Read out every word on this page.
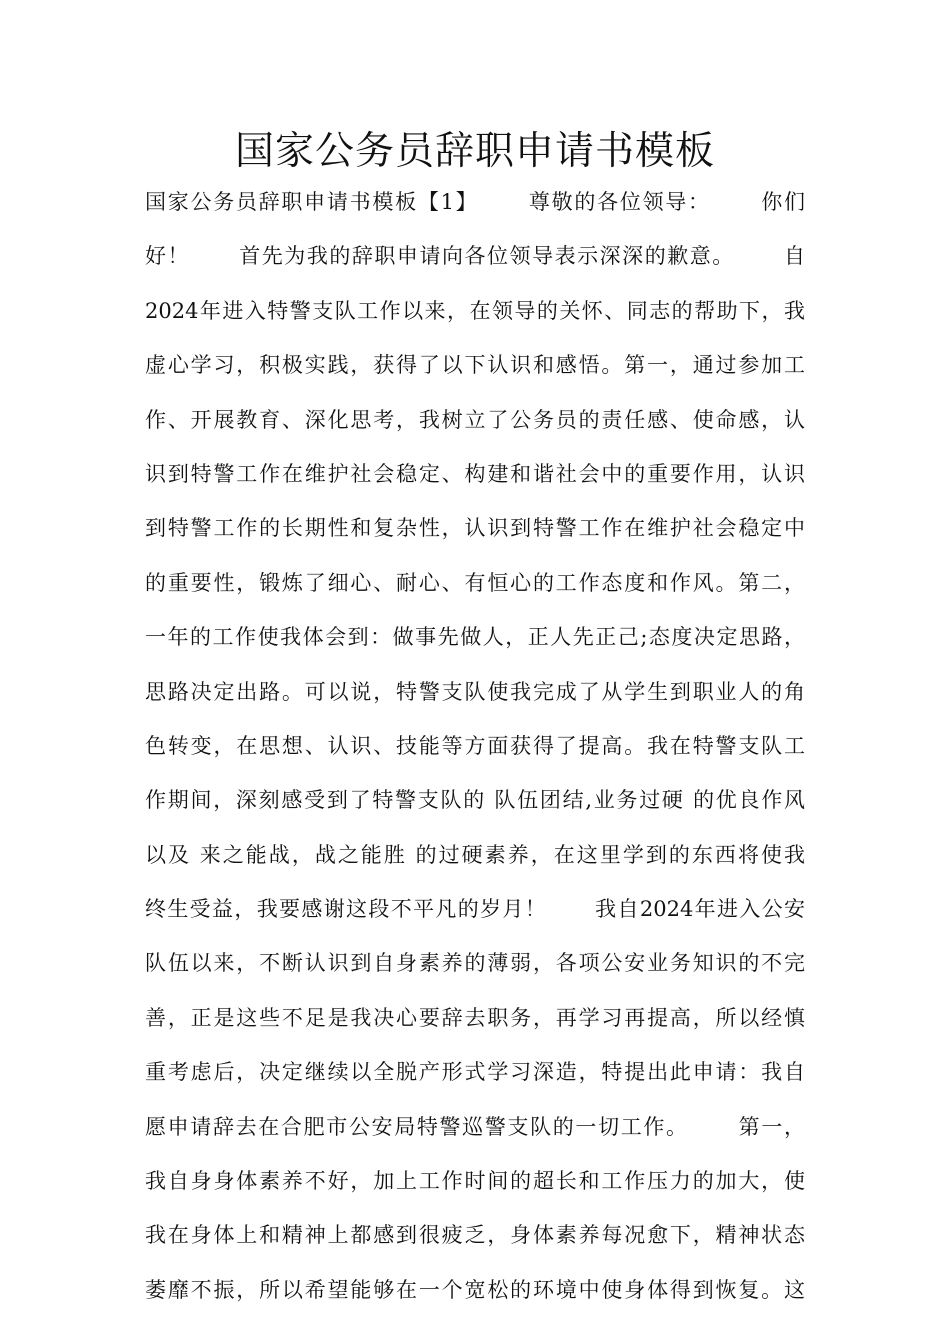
国家公务员辞职申请书模板
国家公务员辞职申请书模板【1】      尊敬的各位领导：      你们
好！      首先为我的辞职申请向各位领导表示深深的歉意。      自
2024年进入特警支队工作以来，在领导的关怀、同志的帮助下，我
虚心学习，积极实践，获得了以下认识和感悟。第一，通过参加工
作、开展教育、深化思考，我树立了公务员的责任感、使命感，认
识到特警工作在维护社会稳定、构建和谐社会中的重要作用，认识
到特警工作的长期性和复杂性，认识到特警工作在维护社会稳定中
的重要性，锻炼了细心、耐心、有恒心的工作态度和作风。第二，
一年的工作使我体会到：做事先做人，正人先正己;态度决定思路，
思路决定出路。可以说，特警支队使我完成了从学生到职业人的角
色转变，在思想、认识、技能等方面获得了提高。我在特警支队工
作期间，深刻感受到了特警支队的 队伍团结,业务过硬 的优良作风
以及 来之能战，战之能胜 的过硬素养，在这里学到的东西将使我
终生受益，我要感谢这段不平凡的岁月！      我自2024年进入公安
队伍以来，不断认识到自身素养的薄弱，各项公安业务知识的不完
善，正是这些不足是我决心要辞去职务，再学习再提高，所以经慎
重考虑后，决定继续以全脱产形式学习深造，特提出此申请：我自
愿申请辞去在合肥市公安局特警巡警支队的一切工作。      第一，
我自身身体素养不好，加上工作时间的超长和工作压力的加大，使
我在身体上和精神上都感到很疲乏，身体素养每况愈下，精神状态
萎靡不振，所以希望能够在一个宽松的环境中使身体得到恢复。这
